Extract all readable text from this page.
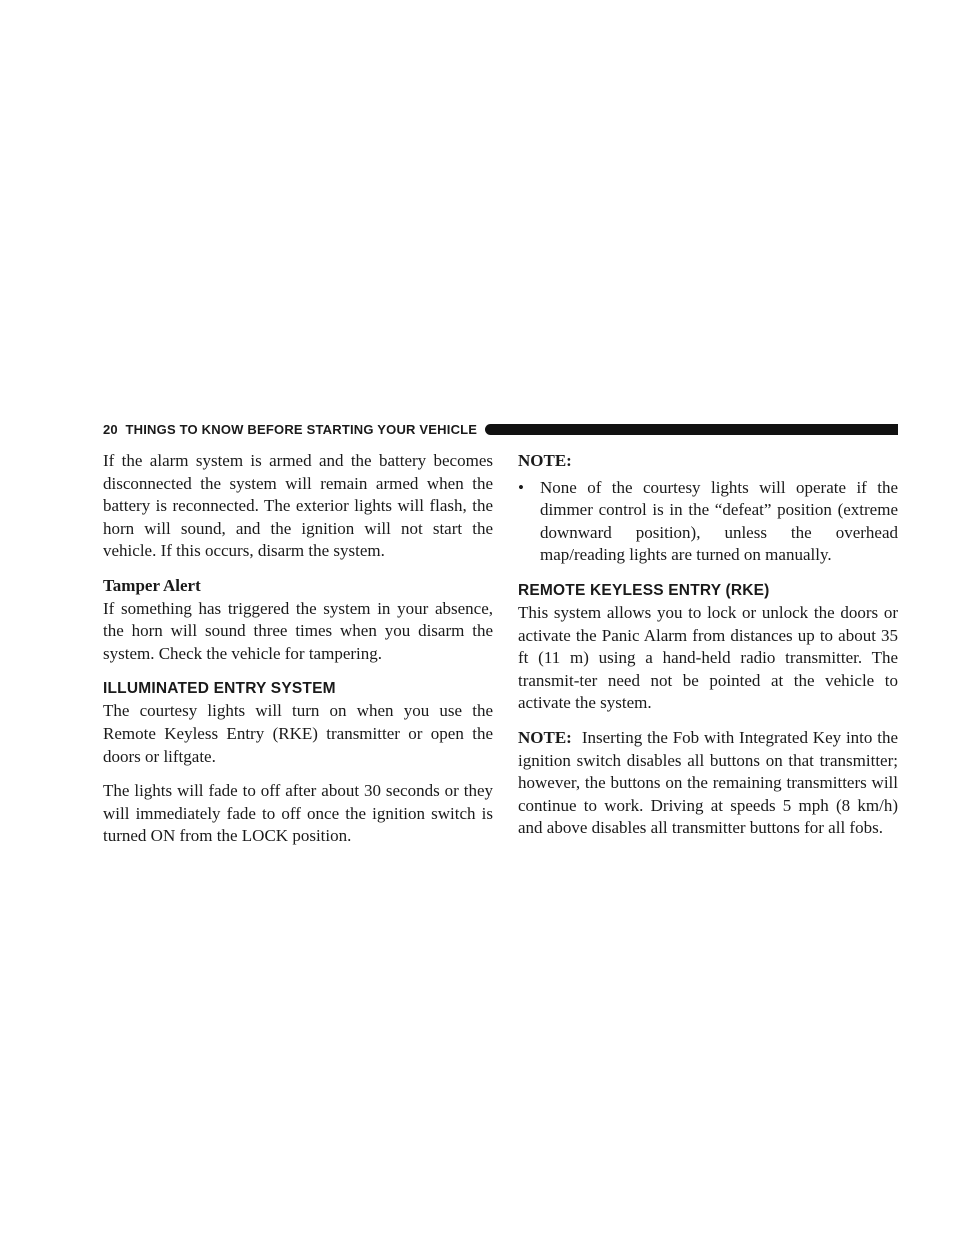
20 THINGS TO KNOW BEFORE STARTING YOUR VEHICLE

If the alarm system is armed and the battery becomes disconnected the system will remain armed when the battery is reconnected. The exterior lights will flash, the horn will sound, and the ignition will not start the vehicle. If this occurs, disarm the system.

Tamper Alert

If something has triggered the system in your absence, the horn will sound three times when you disarm the system. Check the vehicle for tampering.

ILLUMINATED ENTRY SYSTEM

The courtesy lights will turn on when you use the Remote Keyless Entry (RKE) transmitter or open the doors or liftgate.

The lights will fade to off after about 30 seconds or they will immediately fade to off once the ignition switch is turned ON from the LOCK position.

NOTE:
• None of the courtesy lights will operate if the dimmer control is in the “defeat” position (extreme downward position), unless the overhead map/reading lights are turned on manually.
REMOTE KEYLESS ENTRY (RKE)

This system allows you to lock or unlock the doors or activate the Panic Alarm from distances up to about 35 ft (11 m) using a hand-held radio transmitter. The transmit-ter need not be pointed at the vehicle to activate the system.

NOTE: Inserting the Fob with Integrated Key into the ignition switch disables all buttons on that transmitter; however, the buttons on the remaining transmitters will continue to work. Driving at speeds 5 mph (8 km/h) and above disables all transmitter buttons for all fobs.
